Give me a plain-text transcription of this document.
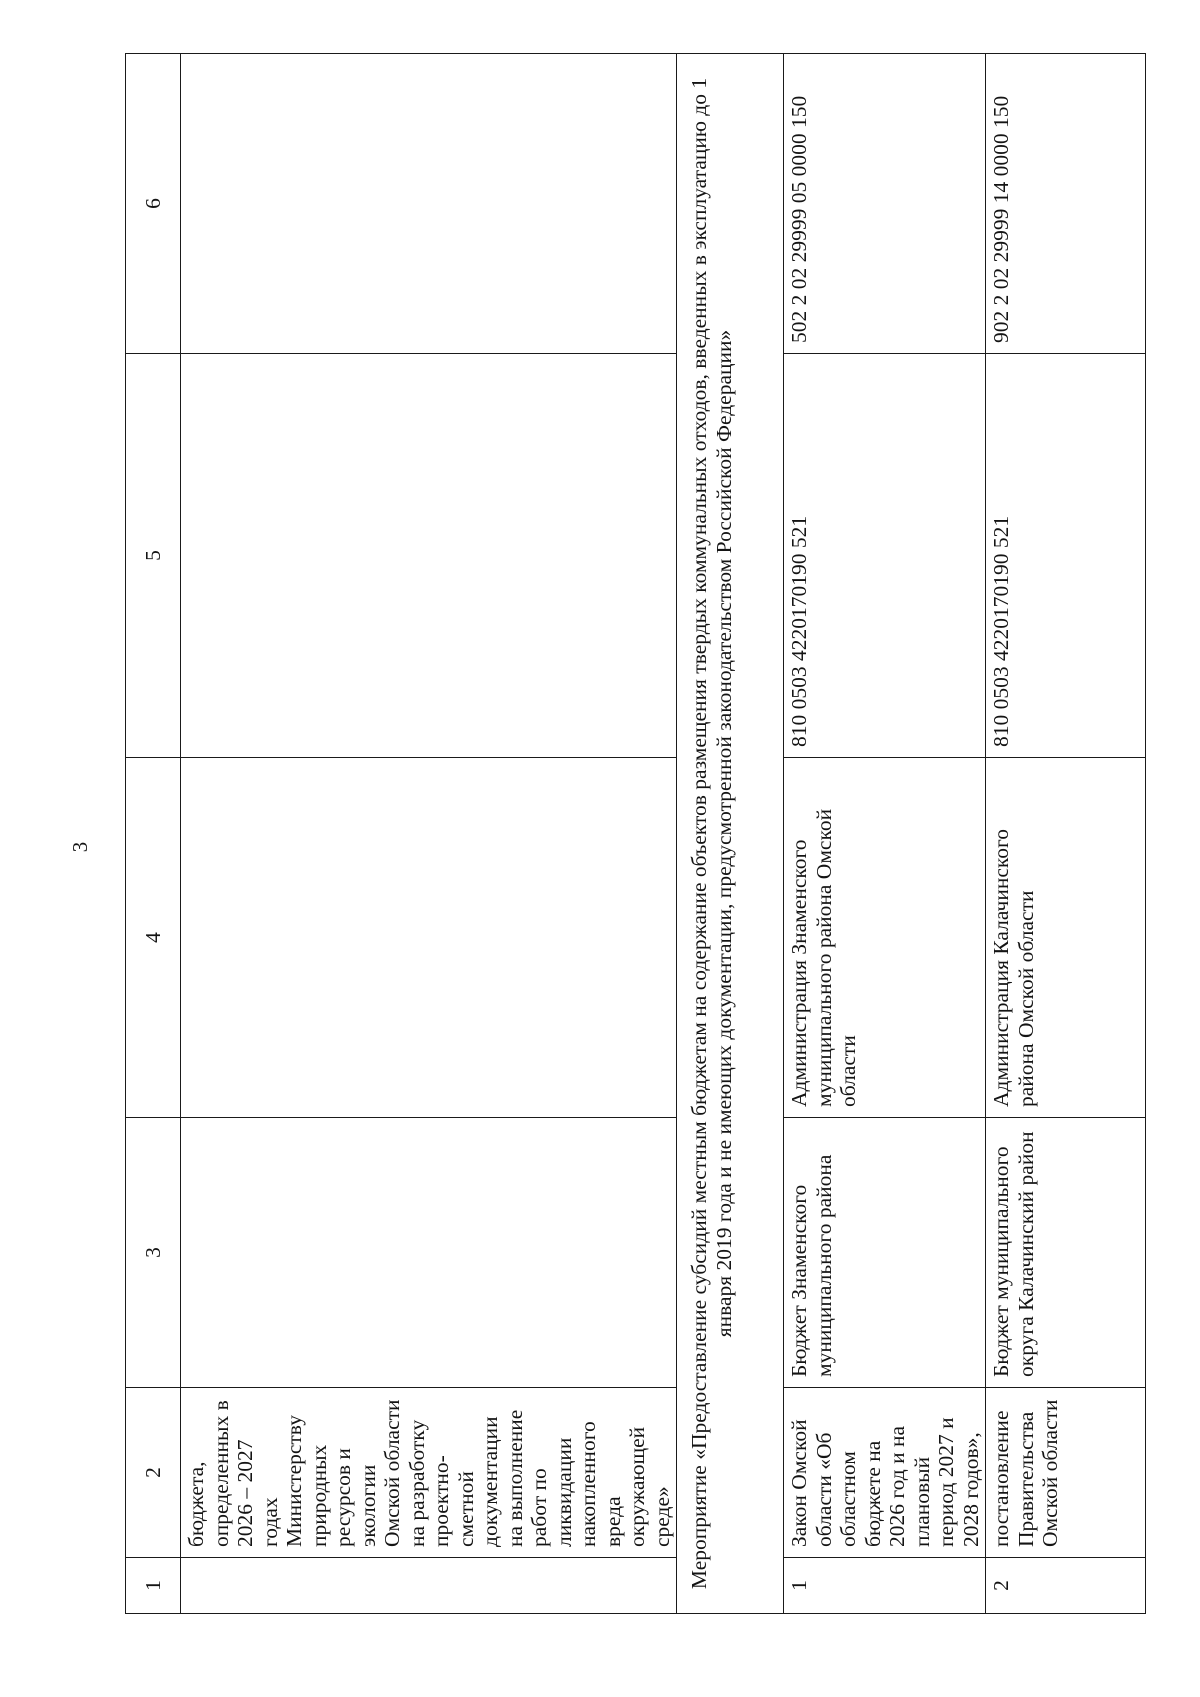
3
1	2	3	4	5	6
	бюджета, определенных в 2026 – 2027 годах Министерству природных ресурсов и экологии Омской области на разработку проектно-сметной документации на выполнение работ по ликвидации накопленного вреда окружающей среде»				
Мероприятие «Предоставление субсидий местным бюджетам на содержание объектов размещения твердых коммунальных отходов, введенных в эксплуатацию до 1 января 2019 года и не имеющих документации, предусмотренной законодательством Российской Федерации»					
1	Закон Омской области «Об областном бюджете на 2026 год и на плановый период 2027 и 2028 годов»,	Бюджет Знаменского муниципального района	Администрация Знаменского муниципального района Омской области	810 0503 4220170190 521	502 2 02 29999 05 0000 150
2	постановление Правительства Омской области	Бюджет муниципального округа Калачинский район	Администрация Калачинского района Омской области	810 0503 4220170190 521	902 2 02 29999 14 0000 150
